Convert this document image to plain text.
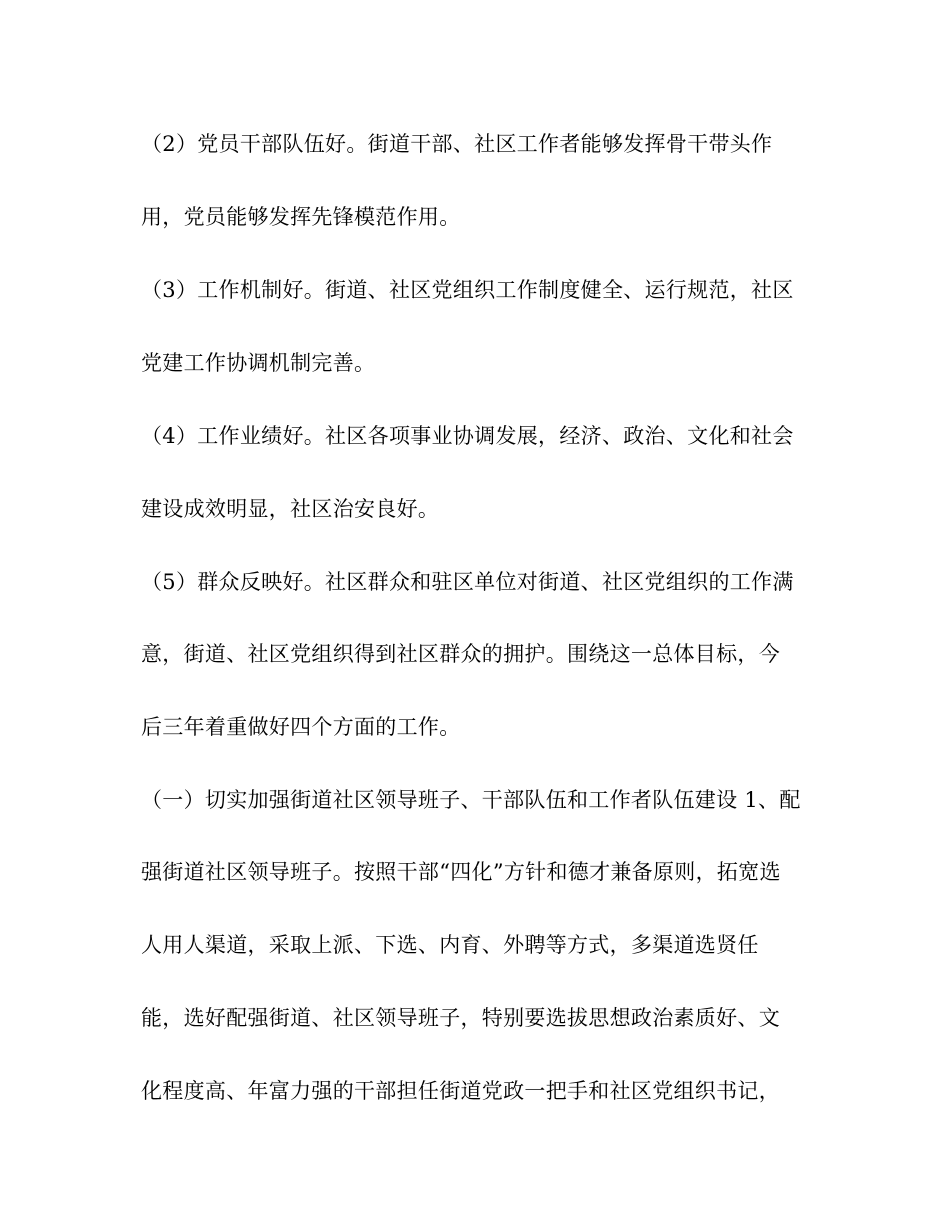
（2）党员干部队伍好。街道干部、社区工作者能够发挥骨干带头作
用，党员能够发挥先锋模范作用。
（3）工作机制好。街道、社区党组织工作制度健全、运行规范，社区
党建工作协调机制完善。
（4）工作业绩好。社区各项事业协调发展，经济、政治、文化和社会
建设成效明显，社区治安良好。
（5）群众反映好。社区群众和驻区单位对街道、社区党组织的工作满
意，街道、社区党组织得到社区群众的拥护。围绕这一总体目标，今
后三年着重做好四个方面的工作。
（一）切实加强街道社区领导班子、干部队伍和工作者队伍建设 1、配
强街道社区领导班子。按照干部“四化”方针和德才兼备原则，拓宽选
人用人渠道，采取上派、下选、内育、外聘等方式，多渠道选贤任
能，选好配强街道、社区领导班子，特别要选拔思想政治素质好、文
化程度高、年富力强的干部担任街道党政一把手和社区党组织书记，
